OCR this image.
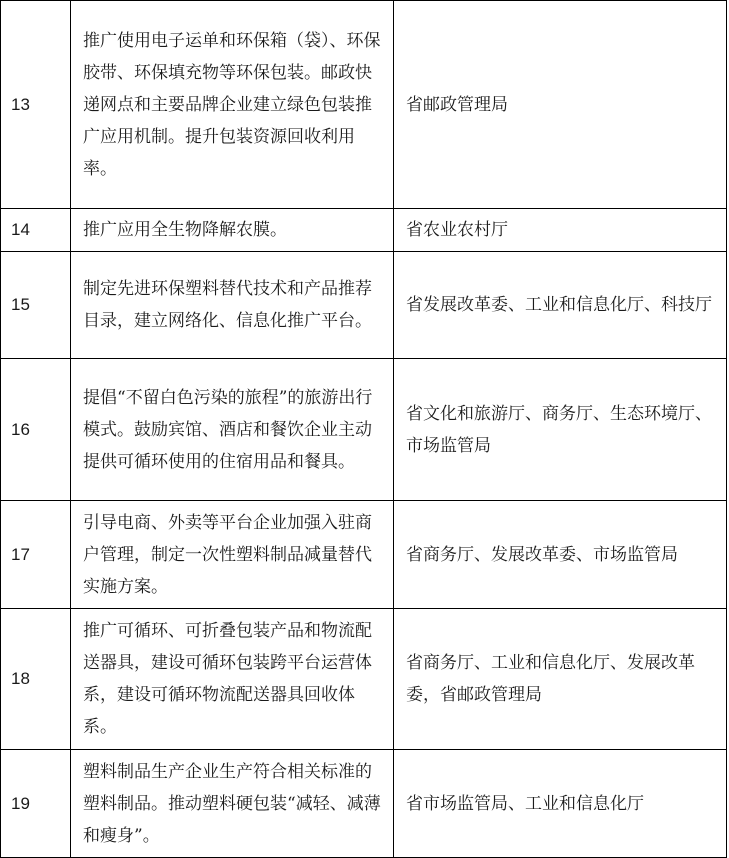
13	推广使用电子运单和环保箱（袋）、环保胶带、环保填充物等环保包装。邮政快递网点和主要品牌企业建立绿色包装推广应用机制。提升包装资源回收利用率。	省邮政管理局
14	推广应用全生物降解农膜。	省农业农村厅
15	制定先进环保塑料替代技术和产品推荐目录，建立网络化、信息化推广平台。	省发展改革委、工业和信息化厅、科技厅
16	提倡“不留白色污染的旅程”的旅游出行模式。鼓励宾馆、酒店和餐饮企业主动提供可循环使用的住宿用品和餐具。	省文化和旅游厅、商务厅、生态环境厅、市场监管局
17	引导电商、外卖等平台企业加强入驻商户管理，制定一次性塑料制品减量替代实施方案。	省商务厅、发展改革委、市场监管局
18	推广可循环、可折叠包装产品和物流配送器具，建设可循环包装跨平台运营体系，建设可循环物流配送器具回收体系。	省商务厅、工业和信息化厅、发展改革委，省邮政管理局
19	塑料制品生产企业生产符合相关标准的塑料制品。推动塑料硬包装“减轻、减薄和瘦身”。	省市场监管局、工业和信息化厅
